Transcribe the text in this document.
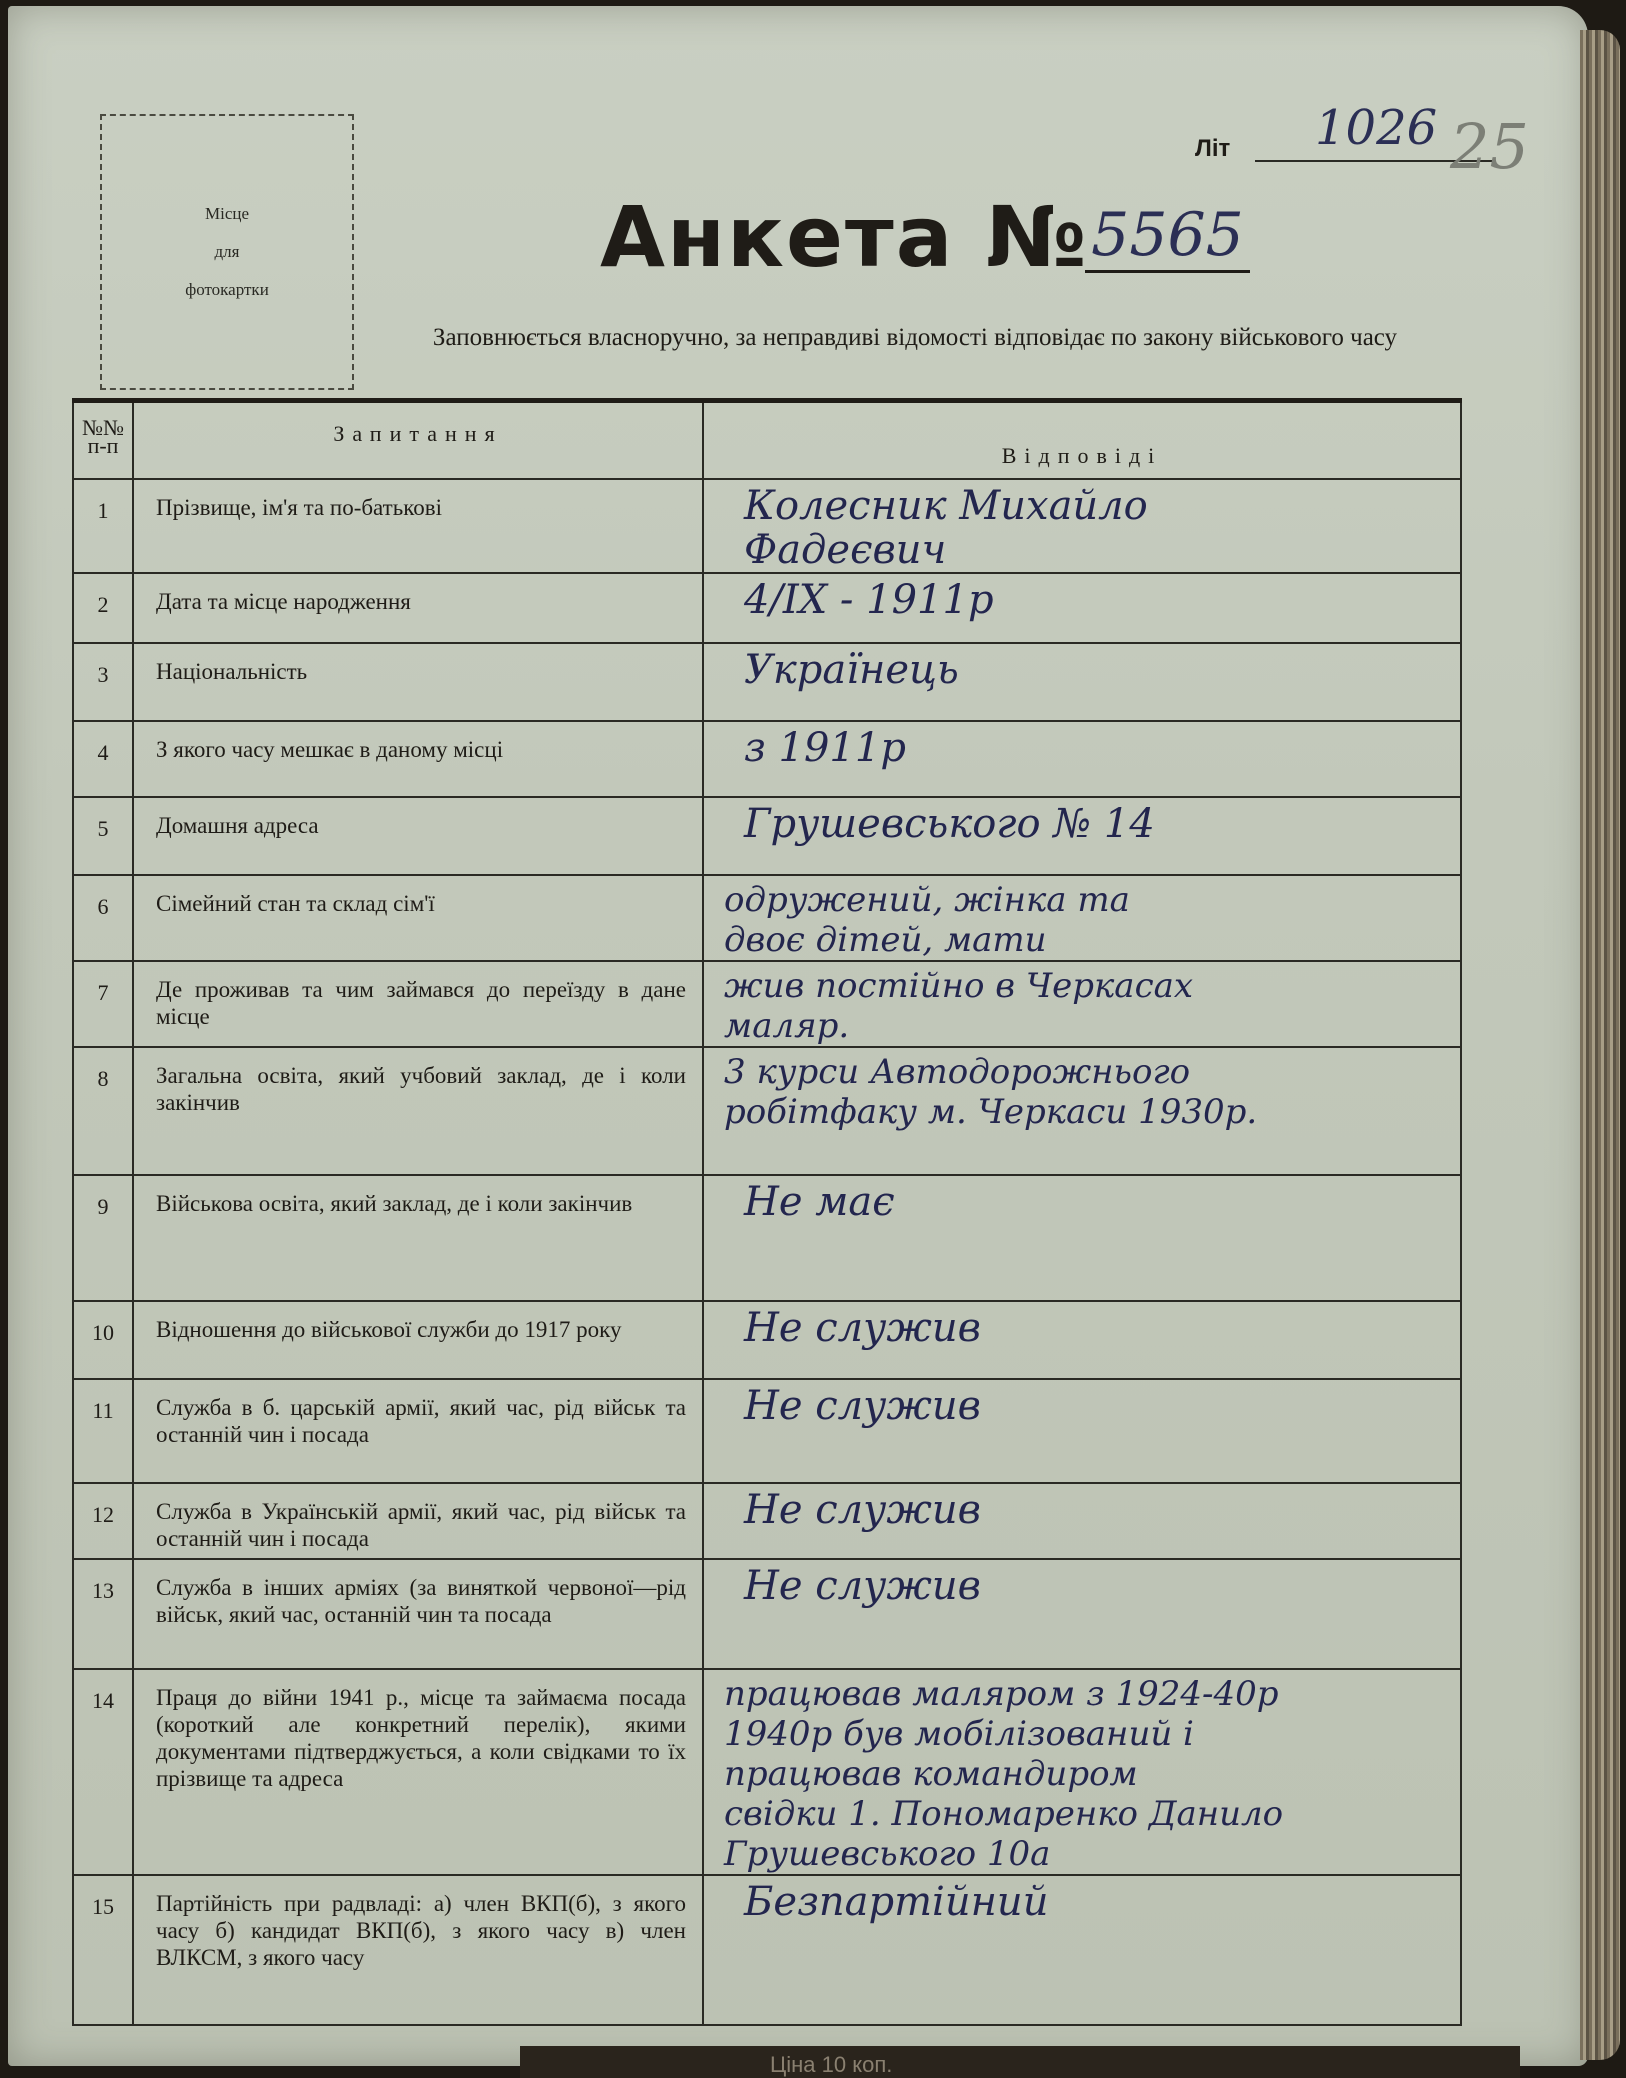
Ціна 10 коп.
Місце
для
фотокартки
Літ 1026 25
Анкета № 5565
Заповнюється власноручно, за неправдиві відомості відповідає по закону військового часу
№№ п-п	Запитання	Відповіді
1	Прізвище, ім'я та по-батькові	Колесник Михайло
Фадеєвич

2	Дата та місце народження	4/IX - 1911р

3	Національність	Українець

4	З якого часу мешкає в даному місці	з 1911р

5	Домашня адреса	Грушевського № 14

6	Сімейний стан та склад сім'ї	одружений, жінка та
двоє дітей, мати

7	Де проживав та чим займався до переїзду в дане місце	жив постійно в Черкасах
маляр.

8	Загальна освіта, який учбовий заклад, де і коли закінчив	3 курси Автодорожнього
робітфаку м. Черкаси 1930р.

9	Військова освіта, який заклад, де і коли закінчив	Не має

10	Відношення до військової служби до 1917 року	Не служив

11	Служба в б. царській армії, який час, рід військ та останній чин і посада	Не служив

12	Служба в Українській армії, який час, рід військ та останній чин і посада	Не служив

13	Служба в інших арміях (за виняткой червоної—рід військ, який час, останній чин та посада	Не служив

14	Праця до війни 1941 р., місце та займаєма посада (короткий але конкретний перелік), якими документами підтверджується, а коли свідками то їх прізвище та адреса	працював маляром з 1924-40р
1940р був мобілізований і
працював командиром
свідки 1. Пономаренко Данило
Грушевського 10а

15	Партійність при радвладі: а) член ВКП(б), з якого часу б) кандидат ВКП(б), з якого часу в) член ВЛКСМ, з якого часу	Безпартійний
